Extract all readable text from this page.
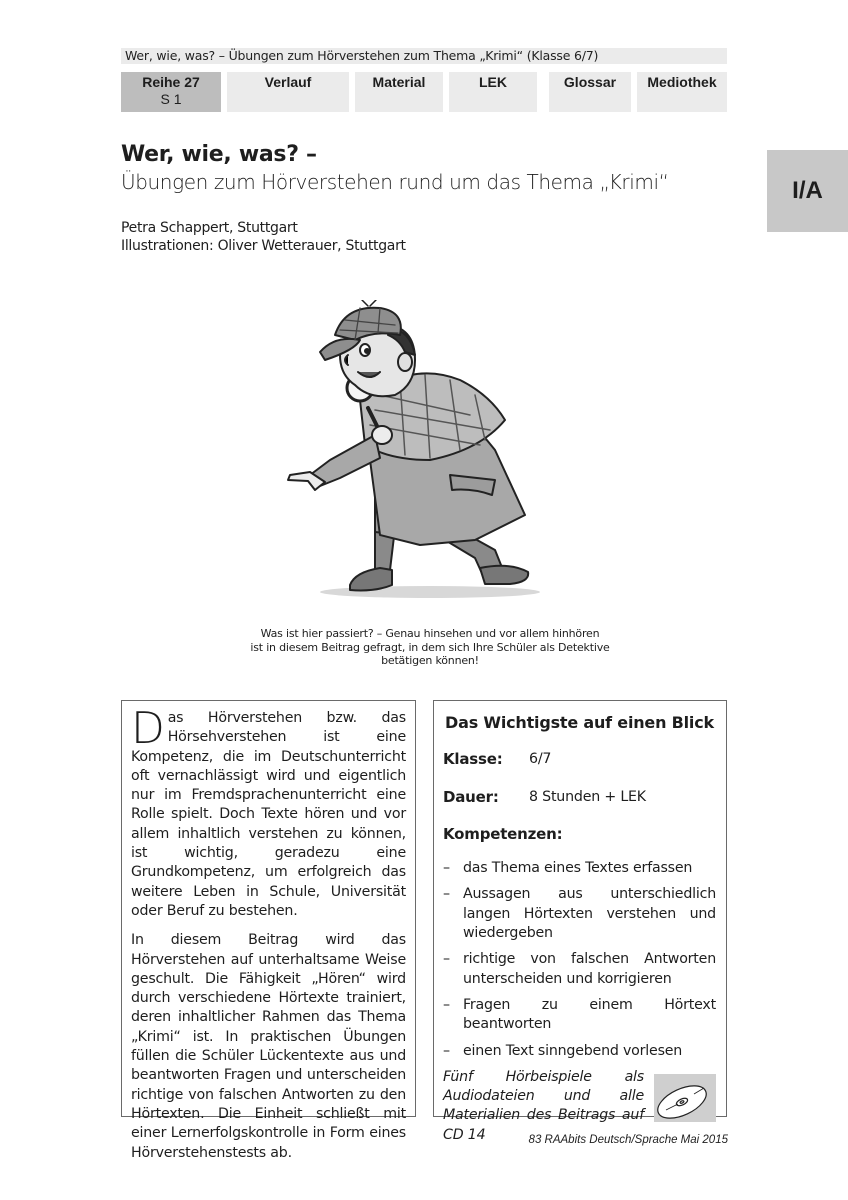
Wer, wie, was? – Übungen zum Hörverstehen zum Thema „Krimi“ (Klasse 6/7)
Reihe 27
S 1
Verlauf	Material	LEK	Glossar	Mediothek
I/A
Wer, wie, was? –
Übungen zum Hörverstehen rund um das Thema „Krimi“
Petra Schappert, Stuttgart
Illustrationen: Oliver Wetterauer, Stuttgart
Was ist hier passiert? – Genau hinsehen und vor allem hinhören
ist in diesem Beitrag gefragt, in dem sich Ihre Schüler als Detektive
betätigen können!

Das Hörverstehen bzw. das Hörsehverstehen ist eine Kompetenz, die im Deutschunterricht oft vernachlässigt wird und eigentlich nur im Fremdsprachenunterricht eine Rolle spielt. Doch Texte hören und vor allem inhaltlich verstehen zu können, ist wichtig, geradezu eine Grundkompetenz, um erfolgreich das weitere Leben in Schule, Universität oder Beruf zu bestehen.

In diesem Beitrag wird das Hörverstehen auf unterhaltsame Weise geschult. Die Fähigkeit „Hören“ wird durch verschiedene Hörtexte trainiert, deren inhaltlicher Rahmen das Thema „Krimi“ ist. In praktischen Übungen füllen die Schüler Lückentexte aus und beantworten Fragen und unterscheiden richtige von falschen Antworten zu den Hörtexten. Die Einheit schließt mit einer Lernerfolgskontrolle in Form eines Hörverstehenstests ab.

Das Wichtigste auf einen Blick
Klasse:	6/7
Dauer:	8 Stunden + LEK
Kompetenzen:
– das Thema eines Textes erfassen
– Aussagen aus unterschiedlich langen Hörtexten verstehen und wiedergeben
– richtige von falschen Antworten unterscheiden und korrigieren
– Fragen zu einem Hörtext beantworten
– einen Text sinngebend vorlesen
Fünf Hörbeispiele als Audiodateien und alle Materialien des Beitrags auf CD 14	83 RAAbits Deutsch/Sprache Mai 2015
